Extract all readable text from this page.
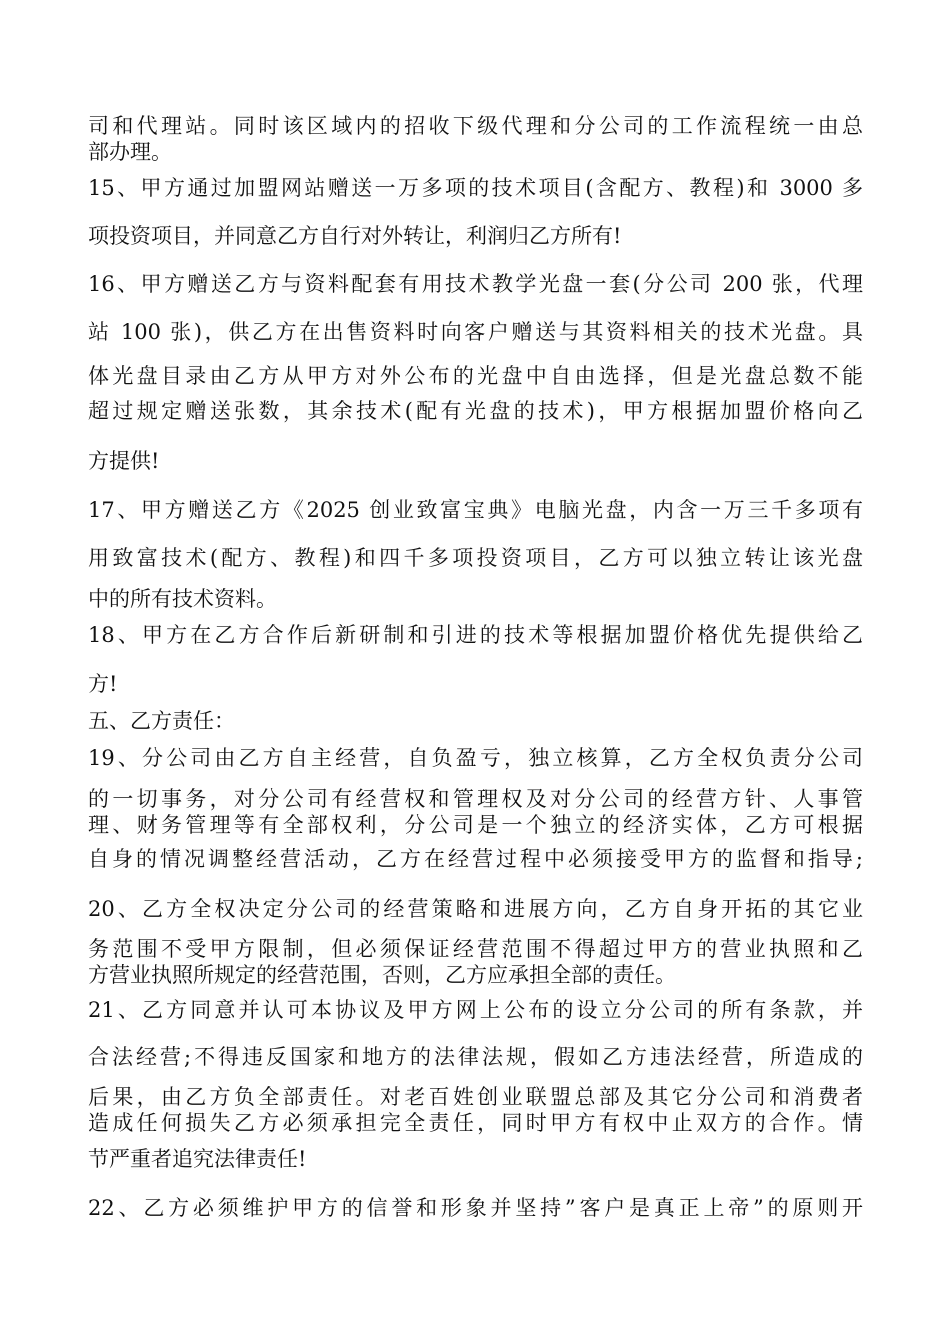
司和代理站。同时该区域内的招收下级代理和分公司的工作流程统一由总
部办理。
15、甲方通过加盟网站赠送一万多项的技术项目(含配方、教程)和 3000 多
项投资项目，并同意乙方自行对外转让，利润归乙方所有!
16、甲方赠送乙方与资料配套有用技术教学光盘一套(分公司 200 张，代理
站 100 张)，供乙方在出售资料时向客户赠送与其资料相关的技术光盘。具
体光盘目录由乙方从甲方对外公布的光盘中自由选择，但是光盘总数不能
超过规定赠送张数，其余技术(配有光盘的技术)，甲方根据加盟价格向乙
方提供!
17、甲方赠送乙方《2025 创业致富宝典》电脑光盘，内含一万三千多项有
用致富技术(配方、教程)和四千多项投资项目，乙方可以独立转让该光盘
中的所有技术资料。
18、甲方在乙方合作后新研制和引进的技术等根据加盟价格优先提供给乙
方!
五、乙方责任：
19、分公司由乙方自主经营，自负盈亏，独立核算，乙方全权负责分公司
的一切事务，对分公司有经营权和管理权及对分公司的经营方针、人事管
理、财务管理等有全部权利，分公司是一个独立的经济实体，乙方可根据
自身的情况调整经营活动，乙方在经营过程中必须接受甲方的监督和指导;
20、乙方全权决定分公司的经营策略和进展方向，乙方自身开拓的其它业
务范围不受甲方限制，但必须保证经营范围不得超过甲方的营业执照和乙
方营业执照所规定的经营范围，否则，乙方应承担全部的责任。
21、乙方同意并认可本协议及甲方网上公布的设立分公司的所有条款，并
合法经营;不得违反国家和地方的法律法规，假如乙方违法经营，所造成的
后果，由乙方负全部责任。对老百姓创业联盟总部及其它分公司和消费者
造成任何损失乙方必须承担完全责任，同时甲方有权中止双方的合作。情
节严重者追究法律责任!
22、乙方必须维护甲方的信誉和形象并坚持”客户是真正上帝”的原则开
